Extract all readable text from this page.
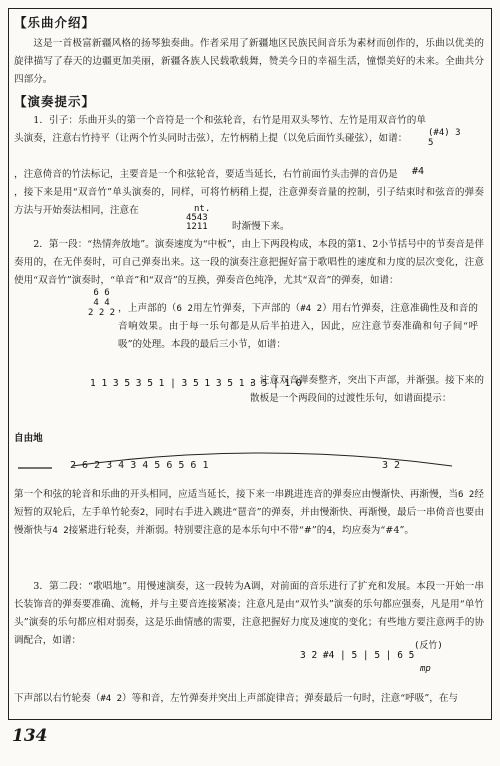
【乐曲介绍】
这是一首极富新疆风格的扬琴独奏曲。作者采用了新疆地区民族民间音乐为素材而创作的，乐曲以优美的旋律描写了春天的边疆更加美丽，新疆各族人民载歌载舞，赞美今日的幸福生活，憧憬美好的未来。全曲共分四部分。
【演奏提示】
1．引子：乐曲开头的第一个音符是一个和弦轮音，右竹是用双头琴竹、左竹是用双音竹的单头演奏，注意右竹持平（让两个竹头同时击弦），左竹柄稍上提（以免后面竹头碰弦），如谱：	(#4) 3
5
，注意倚音的竹法标记，主要音是一个和弦轮音，要适当延长，右竹前面竹头击弹的音仍是	#4
，接下来是用“双音竹”单头演奏的，同样，可将竹柄稍上提，注意弹奏音量的控制，引子结束时和弦音的弹奏方法与开始奏法相同，注意在	nt.
4543
1211	时渐慢下来。
2．第一段：“热情奔放地”。演奏速度为“中板”，由上下两段构成，本段的第1、2小节括号中的节奏音是伴奏用的，在无伴奏时，可自己弹奏出来。这一段的演奏注意把握好富于歌唱性的速度和力度的层次变化，注意使用“双音竹”演奏时，“单音”和“双音”的互换，弹奏音色纯净，尤其“双音”的弹奏，如谱：
6 6
4 4
2 2 2 ，上声部的（6 2用左竹弹奏，下声部的（#4 2）用右竹弹奏，注意准确性及和音的音响效果。由于每一乐句都是从后半拍进入，因此，应注意节奏准确和句子间“呼吸”的处理。本段的最后三小节，如谱：
1 1 3 5 3 5 1 | 3 5 1 3 5 1 3 5 | 1 0
，注意双音弹奏整齐，突出下声部，并渐强。接下来的散板是一个两段间的过渡性乐句，如谱面提示：
自由地
2 6 2 3 4 3 4 5 6 5 6 1	3 2
第一个和弦的轮音和乐曲的开头相同，应适当延长，接下来一串跳进连音的弹奏应由慢渐快、再渐慢，当6 2经短暂的双轮后，左手单竹轮奏2，同时右手进入跳进“琶音”的弹奏，并由慢渐快、再渐慢，最后一串倚音也要由慢渐快与4 2接紧进行轮奏，并渐弱。特别要注意的是本乐句中不带“#”的4，均应奏为“#4”。
3．第二段：“歌唱地”。用慢速演奏，这一段转为A调，对前面的音乐进行了扩充和发展。本段一开始一串长装饰音的弹奏要准确、流畅，并与主要音连接紧凑；注意凡是由“双竹头”演奏的乐句都应强奏，凡是用“单竹头”演奏的乐句都应相对弱奏，这是乐曲情感的需要，注意把握好力度及速度的变化；有些地方要注意两手的协调配合，如谱：
3 2 #4 | 5 | 5 | 6 5
(反竹)
mp
下声部以右竹轮奏（#4 2）等和音，左竹弹奏并突出上声部旋律音；弹奏最后一句时，注意“呼吸”，在与
134
